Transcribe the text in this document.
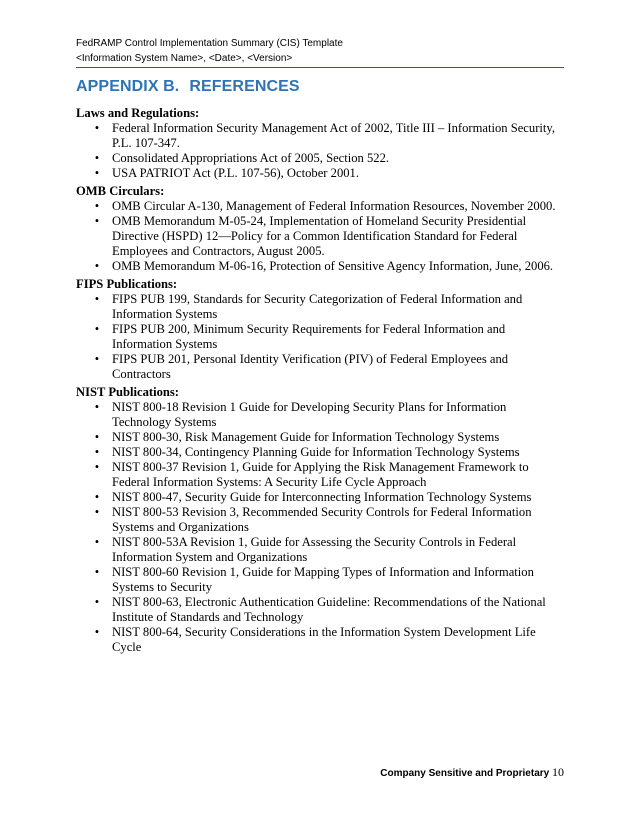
FedRAMP Control Implementation Summary (CIS) Template
<Information System Name>, <Date>, <Version>
APPENDIX B. REFERENCES

Laws and Regulations:

• Federal Information Security Management Act of 2002, Title III – Information Security, P.L. 107-347.
• Consolidated Appropriations Act of 2005, Section 522.
• USA PATRIOT Act (P.L. 107-56), October 2001.

OMB Circulars:

• OMB Circular A-130, Management of Federal Information Resources, November 2000.
• OMB Memorandum M-05-24, Implementation of Homeland Security Presidential Directive (HSPD) 12—Policy for a Common Identification Standard for Federal Employees and Contractors, August 2005.
• OMB Memorandum M-06-16, Protection of Sensitive Agency Information, June, 2006.

FIPS Publications:

• FIPS PUB 199, Standards for Security Categorization of Federal Information and Information Systems
• FIPS PUB 200, Minimum Security Requirements for Federal Information and Information Systems
• FIPS PUB 201, Personal Identity Verification (PIV) of Federal Employees and Contractors

NIST Publications:

• NIST 800-18 Revision 1 Guide for Developing Security Plans for Information Technology Systems
• NIST 800-30, Risk Management Guide for Information Technology Systems
• NIST 800-34, Contingency Planning Guide for Information Technology Systems
• NIST 800-37 Revision 1, Guide for Applying the Risk Management Framework to Federal Information Systems: A Security Life Cycle Approach
• NIST 800-47, Security Guide for Interconnecting Information Technology Systems
• NIST 800-53 Revision 3, Recommended Security Controls for Federal Information Systems and Organizations
• NIST 800-53A Revision 1, Guide for Assessing the Security Controls in Federal Information System and Organizations
• NIST 800-60 Revision 1, Guide for Mapping Types of Information and Information Systems to Security
• NIST 800-63, Electronic Authentication Guideline: Recommendations of the National Institute of Standards and Technology
• NIST 800-64, Security Considerations in the Information System Development Life Cycle
Company Sensitive and Proprietary 10
